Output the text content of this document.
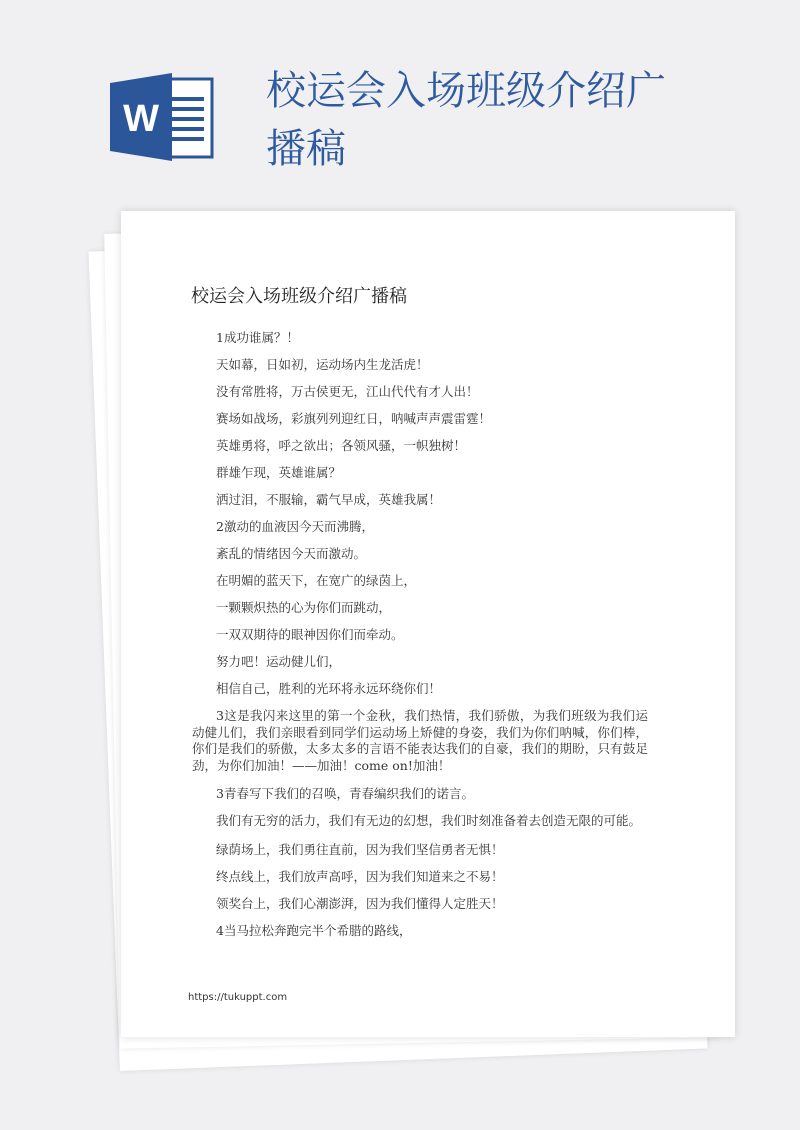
W
校运会入场班级介绍广播稿
校运会入场班级介绍广播稿
1成功谁属？！
天如幕，日如初，运动场内生龙活虎！
没有常胜将，万古侯更无，江山代代有才人出！
赛场如战场，彩旗列列迎红日，呐喊声声震雷霆！
英雄勇将，呼之欲出；各领风骚，一帜独树！
群雄乍现，英雄谁属？
洒过泪，不服输，霸气早成，英雄我属！
2激动的血液因今天而沸腾，
紊乱的情绪因今天而激动。
在明媚的蓝天下，在宽广的绿茵上，
一颗颗炽热的心为你们而跳动，
一双双期待的眼神因你们而牵动。
努力吧！运动健儿们，
相信自己，胜利的光环将永远环绕你们！

3这是我闪来这里的第一个金秋，我们热情，我们骄傲，为我们班级为我们运动健儿们，我们亲眼看到同学们运动场上矫健的身姿，我们为你们呐喊，你们棒，你们是我们的骄傲，太多太多的言语不能表达我们的自豪，我们的期盼，只有鼓足劲，为你们加油！——加油！come on!加油！

3青春写下我们的召唤，青春编织我们的诺言。

我们有无穷的活力，我们有无边的幻想，我们时刻准备着去创造无限的可能。

绿荫场上，我们勇往直前，因为我们坚信勇者无惧！
终点线上，我们放声高呼，因为我们知道来之不易！
领奖台上，我们心潮澎湃，因为我们懂得人定胜天！
4当马拉松奔跑完半个希腊的路线，
https://tukuppt.com
